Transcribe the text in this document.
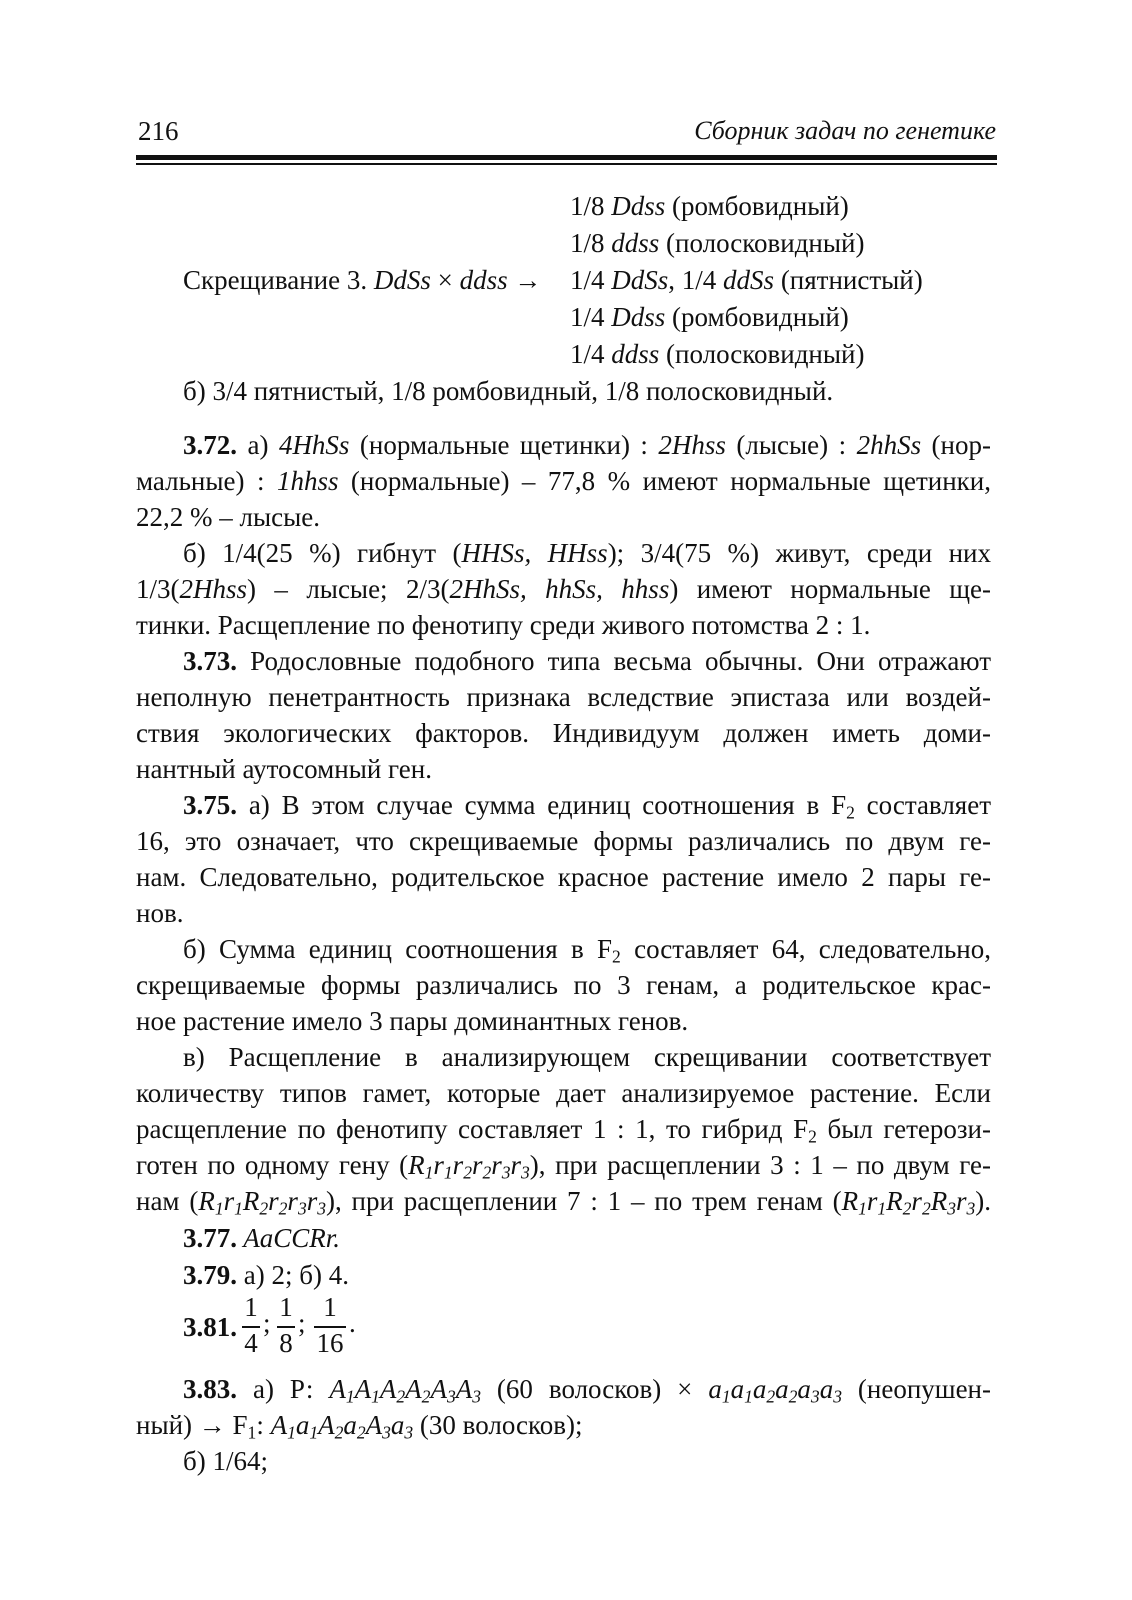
216	Сборник задач по генетике
1/8 Ddss (ромбовидный)
1/8 ddss (полосковидный)
Скрещивание 3. DdSs × ddss → 1/4 DdSs, 1/4 ddSs (пятнистый)
1/4 Ddss (ромбовидный)
1/4 ddss (полосковидный)
б) 3/4 пятнистый, 1/8 ромбовидный, 1/8 полосковидный.
3.72. а) 4HhSs (нормальные щетинки) : 2Hhss (лысые) : 2hhSs (нор-
мальные) : 1hhss (нормальные) – 77,8 % имеют нормальные щетинки,
22,2 % – лысые.
б) 1/4(25 %) гибнут (HHSs, HHss); 3/4(75 %) живут, среди них
1/3(2Hhss) – лысые; 2/3(2HhSs, hhSs, hhss) имеют нормальные ще-
тинки. Расщепление по фенотипу среди живого потомства 2 : 1.
3.73. Родословные подобного типа весьма обычны. Они отражают
неполную пенетрантность признака вследствие эпистаза или воздей-
ствия экологических факторов. Индивидуум должен иметь доми-
нантный аутосомный ген.
3.75. а) В этом случае сумма единиц соотношения в $F_2$ составляет
16, это означает, что скрещиваемые формы различались по двум ге-
нам. Следовательно, родительское красное растение имело 2 пары ге-
нов.
б) Сумма единиц соотношения в $F_2$ составляет 64, следовательно,
скрещиваемые формы различались по 3 генам, а родительское крас-
ное растение имело 3 пары доминантных генов.
в) Расщепление в анализирующем скрещивании соответствует
количеству типов гамет, которые дает анализируемое растение. Если
расщепление по фенотипу составляет 1 : 1, то гибрид $F_2$ был гетерози-
готен по одному гену $(R_1r_1r_2r_2r_3r_3)$, при расщеплении 3 : 1 – по двум ге-
нам $(R_1r_1R_2r_2r_3r_3)$, при расщеплении 7 : 1 – по трем генам $(R_1r_1R_2r_2R_3r_3)$.
3.77. AaCCRr.
3.79. а) 2; б) 4.
3.81.
1
4
;
1
8
;
1
16
.
3.83. а) Р: $A_1A_1A_2A_2A_3A_3$ (60 волосков) × $a_1a_1a_2a_2a_3a_3$ (неопушен-
$ный) \to F_1$: $A_1a_1A_2a_2A_3a_3$ (30 волосков);
б) 1/64;
